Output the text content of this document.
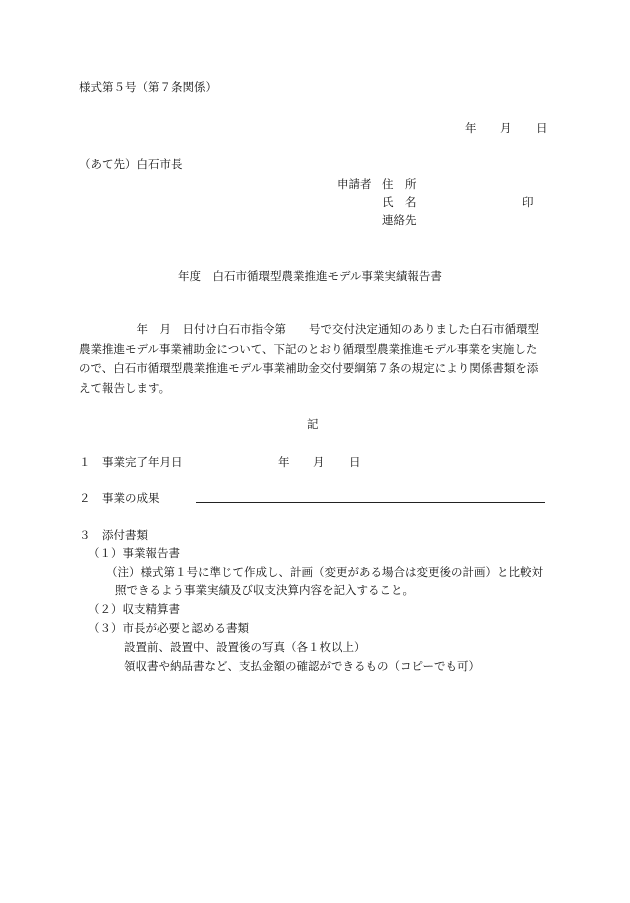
様式第５号（第７条関係）
年 月 日
（あて先）白石市長
申請者 住　所
氏　名	印
連絡先
年度　白石市循環型農業推進モデル事業実績報告書
　　　　　年　月　日付け白石市指令第　　号で交付決定通知のありました白石市循環型
農業推進モデル事業補助金について、下記のとおり循環型農業推進モデル事業を実施した
ので、白石市循環型農業推進モデル事業補助金交付要綱第７条の規定により関係書類を添
えて報告します。
記
１　事業完了年月日	年 月 日
２　事業の成果
３　添付書類
（１）事業報告書
（注）様式第１号に準じて作成し、計画（変更がある場合は変更後の計画）と比較対
照できるよう事業実績及び収支決算内容を記入すること。
（２）収支精算書
（３）市長が必要と認める書類
設置前、設置中、設置後の写真（各１枚以上）
領収書や納品書など、支払金額の確認ができるもの（コピーでも可）
